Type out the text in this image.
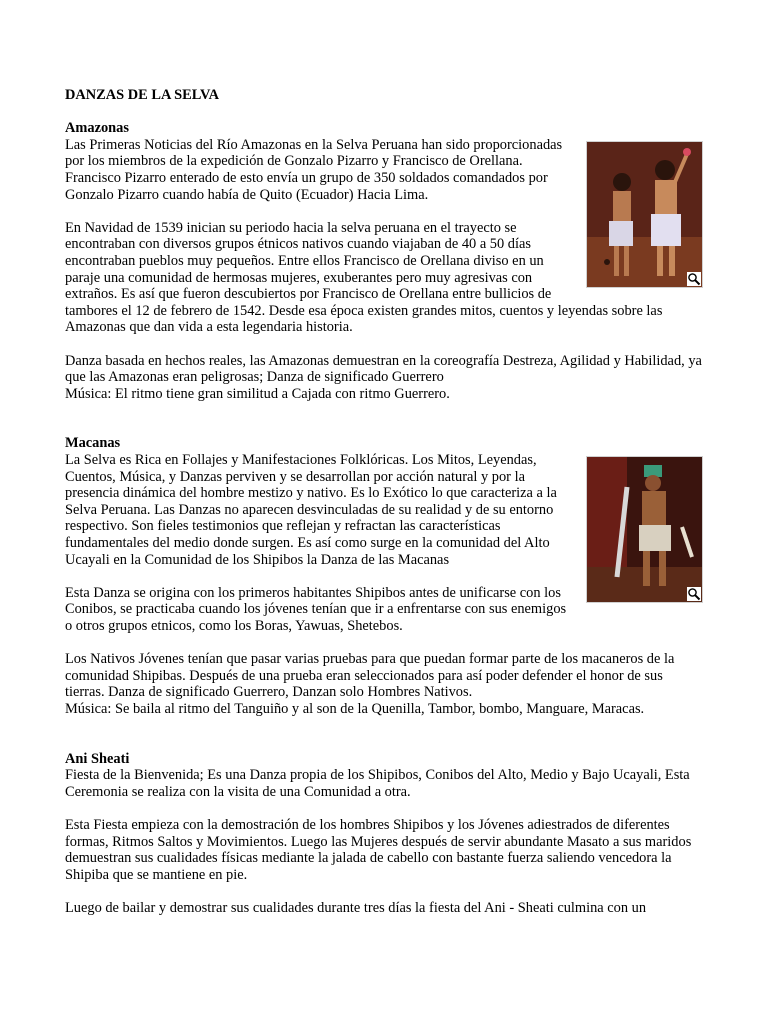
DANZAS DE LA SELVA

Amazonas

Las Primeras Noticias del Río Amazonas en la Selva Peruana han sido proporcionadas por los miembros de la expedición de Gonzalo Pizarro y Francisco de Orellana. Francisco Pizarro enterado de esto envía un grupo de 350 soldados comandados por Gonzalo Pizarro cuando había de Quito (Ecuador) Hacia Lima.

En Navidad de 1539 inician su periodo hacia la selva peruana en el trayecto se encontraban con diversos grupos étnicos nativos cuando viajaban de 40 a 50 días encontraban pueblos muy pequeños. Entre ellos Francisco de Orellana diviso en un paraje una comunidad de hermosas mujeres, exuberantes pero muy agresivas con extraños. Es así que fueron descubiertos por Francisco de Orellana entre bullicios de tambores el 12 de febrero de 1542. Desde esa época existen grandes mitos, cuentos y leyendas sobre las Amazonas que dan vida a esta legendaria historia.

Danza basada en hechos reales, las Amazonas demuestran en la coreografía Destreza, Agilidad y Habilidad, ya que las Amazonas eran peligrosas; Danza de significado Guerrero

Música: El ritmo tiene gran similitud a Cajada con ritmo Guerrero.

Macanas

La Selva es Rica en Follajes y Manifestaciones Folklóricas. Los Mitos, Leyendas, Cuentos, Música, y Danzas perviven y se desarrollan por acción natural y por la presencia dinámica del hombre mestizo y nativo. Es lo Exótico lo que caracteriza a la Selva Peruana. Las Danzas no aparecen desvinculadas de su realidad y de su entorno respectivo. Son fieles testimonios que reflejan y refractan las características fundamentales del medio donde surgen. Es así como surge en la comunidad del Alto Ucayali en la Comunidad de los Shipibos la Danza de las Macanas

Esta Danza se origina con los primeros habitantes Shipibos antes de unificarse con los Conibos, se practicaba cuando los jóvenes tenían que ir a enfrentarse con sus enemigos o otros grupos etnicos, como los Boras, Yawuas, Shetebos.

Los Nativos Jóvenes tenían que pasar varias pruebas para que puedan formar parte de los macaneros de la comunidad Shipibas. Después de una prueba eran seleccionados para así poder defender el honor de sus tierras. Danza de significado Guerrero, Danzan solo Hombres Nativos.

Música: Se baila al ritmo del Tanguiño y al son de la Quenilla, Tambor, bombo, Manguare, Maracas.

Ani Sheati

Fiesta de la Bienvenida; Es una Danza propia de los Shipibos, Conibos del Alto, Medio y Bajo Ucayali, Esta Ceremonia se realiza con la visita de una Comunidad a otra.

Esta Fiesta empieza con la demostración de los hombres Shipibos y los Jóvenes adiestrados de diferentes formas, Ritmos Saltos y Movimientos. Luego las Mujeres después de servir abundante Masato a sus maridos demuestran sus cualidades físicas mediante la jalada de cabello con bastante fuerza saliendo vencedora la Shipiba que se mantiene en pie.

Luego de bailar y demostrar sus cualidades durante tres días la fiesta del Ani - Sheati culmina con un
